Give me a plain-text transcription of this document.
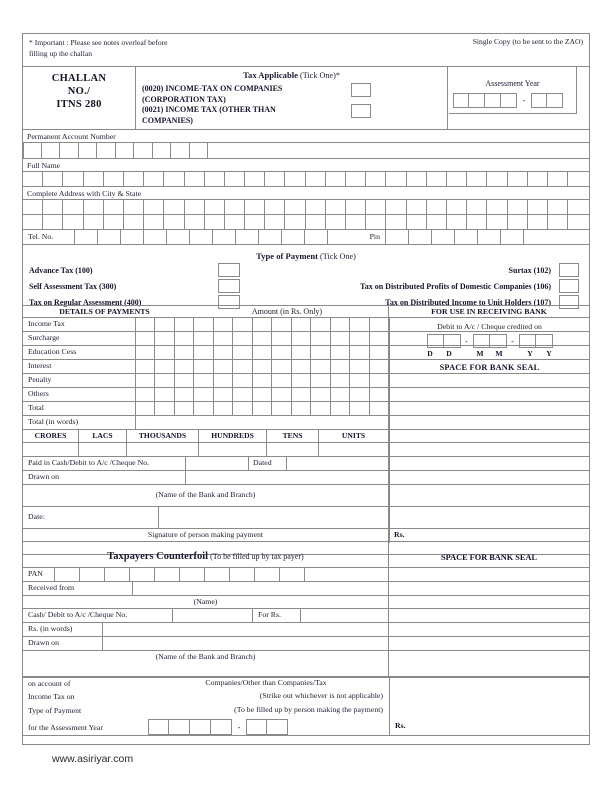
* Important : Please see notes overleaf before
filling up the challan
Single Copy (to be sent to the ZAO)
CHALLAN
NO./
ITNS 280
Tax Applicable (Tick One)*
(0020) INCOME-TAX ON COMPANIES
(CORPORATION TAX)
(0021) INCOME TAX (OTHER THAN
COMPANIES)
Assessment Year
-
Permanent Account Number
Full Name
Complete Address with City & State
Tel. No.	Pin
Type of Payment (Tick One)
Advance Tax (100)	Surtax (102)
Self Assessment Tax (300)	Tax on Distributed Profits of Domestic Companies (106)
Tax on Regular Assessment (400)	Tax on Distributed Income to Unit Holders (107)
DETAILS OF PAYMENTS	Amount (in Rs. Only)	FOR USE IN RECEIVING BANK
Income Tax
Surcharge
Education Cess
Interest
Penalty
Others
Total
Total (in words)
CRORES	LACS	THOUSANDS	HUNDREDS	TENS	UNITS
Paid in Cash/Debit to A/c /Cheque No.	Dated
Drawn on
(Name of the Bank and Branch)
Date:
Signature of person making payment	Rs.
Debit to A/c / Cheque credited on
-	-
D	D	M	M	Y	Y
SPACE FOR BANK SEAL
Taxpayers Counterfoil (To be filled up by tax payer)	SPACE FOR BANK SEAL
PAN
Received from
(Name)
Cash/ Debit to A/c /Cheque No.	For Rs.
Rs. (in words)
Drawn on
(Name of the Bank and Branch)
on account of	Companies/Other than Companies/Tax
Income Tax on	(Strike out whichever is not applicable)
Type of Payment	(To be filled up by person making the payment)
for the Assessment Year	-	Rs.
www.asiriyar.com
